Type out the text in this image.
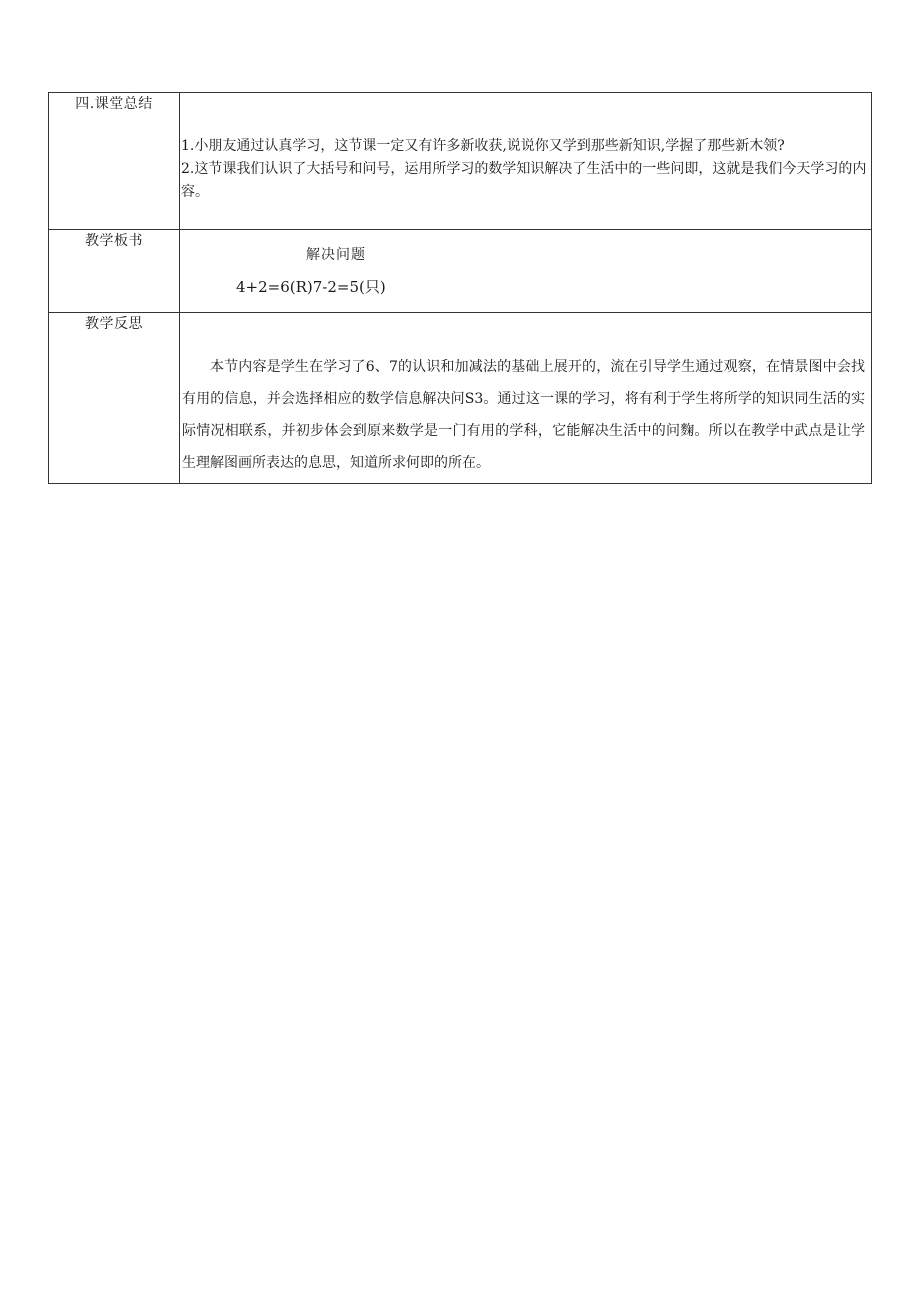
四.课堂总结	1.小朋友通过认真学习，这节课一定又有许多新收获,说说你又学到那些新知识,学握了那些新木领?

2.这节课我们认识了大括号和问号，运用所学习的数学知识解决了生活中的一些问即，这就是我们今天学习的内容。

教学板书	解决问题
4+2=6(R)7-2=5(只)

教学反思	本节内容是学生在学习了6、7的认识和加减法的基础上展开的，流在引导学生通过观察，在情景图中会找有用的信息，并会选择相应的数学信息解决问S3。通过这一课的学习，将有利于学生将所学的知识同生活的实际情况相联系，并初步体会到原来数学是一门有用的学科，它能解决生活中的问麴。所以在教学中武点是让学生理解图画所表达的息思，知道所求何即的所在。
